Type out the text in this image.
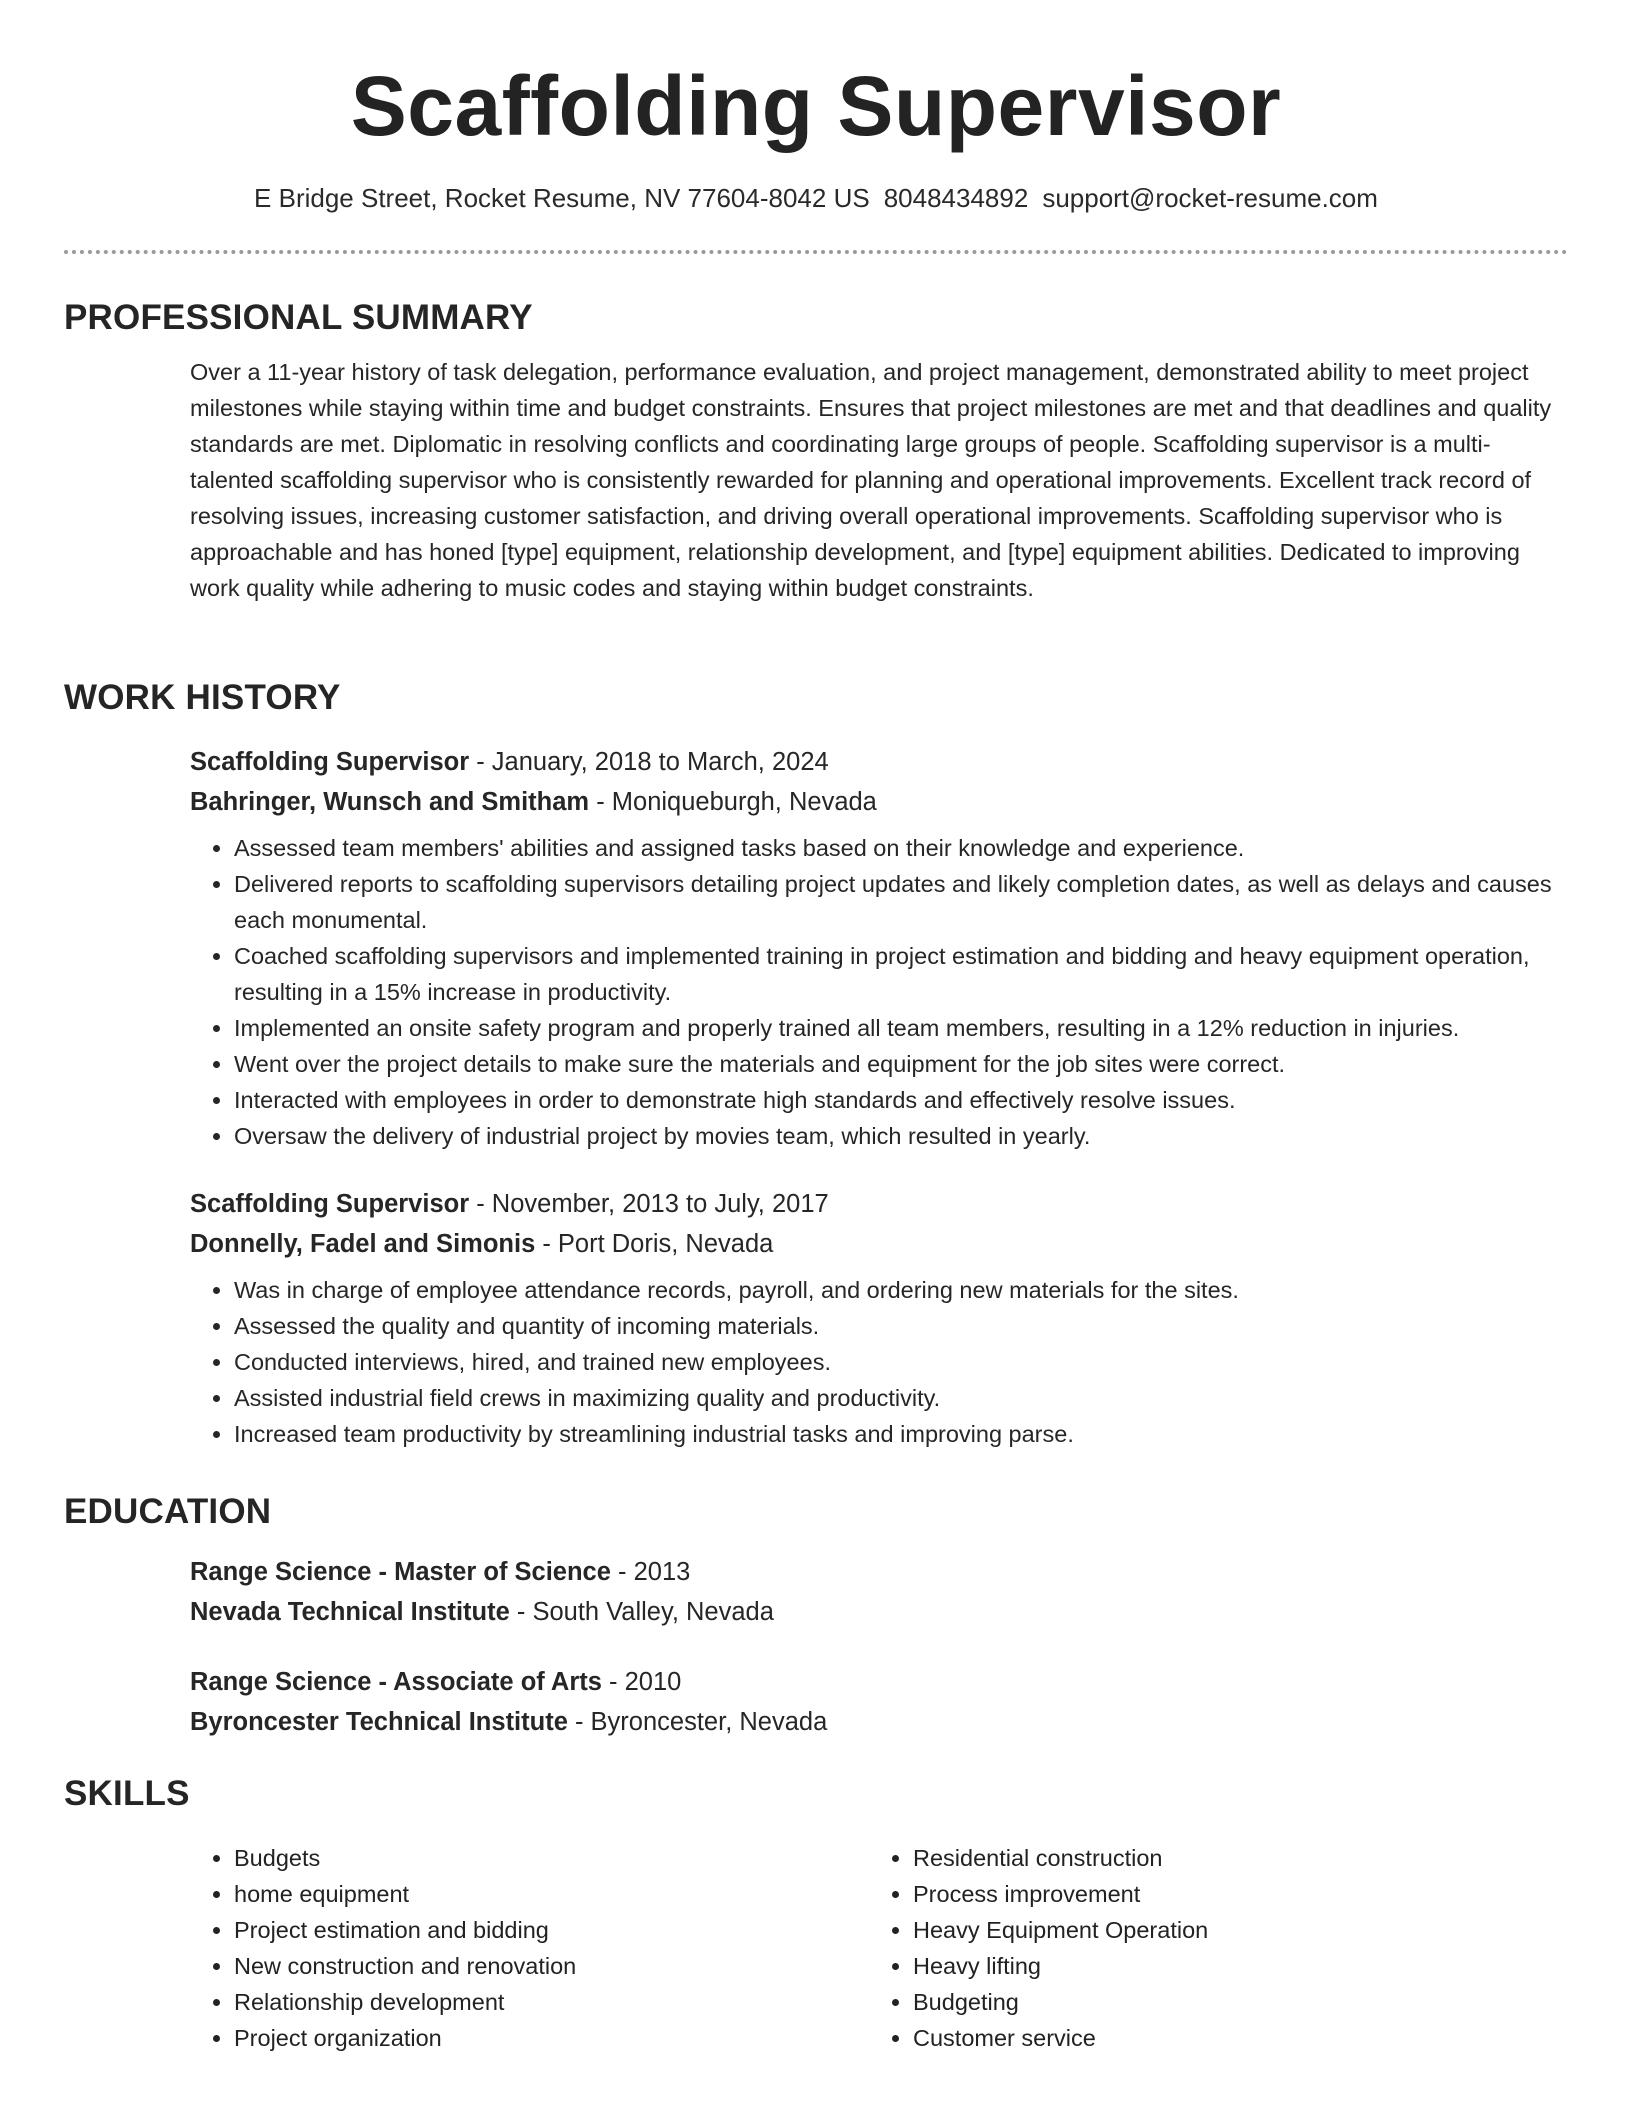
Scaffolding Supervisor
E Bridge Street, Rocket Resume, NV 77604-8042 US 8048434892 support@rocket-resume.com
PROFESSIONAL SUMMARY
Over a 11-year history of task delegation, performance evaluation, and project management, demonstrated ability to meet project milestones while staying within time and budget constraints. Ensures that project milestones are met and that deadlines and quality standards are met. Diplomatic in resolving conflicts and coordinating large groups of people. Scaffolding supervisor is a multi-talented scaffolding supervisor who is consistently rewarded for planning and operational improvements. Excellent track record of resolving issues, increasing customer satisfaction, and driving overall operational improvements. Scaffolding supervisor who is approachable and has honed [type] equipment, relationship development, and [type] equipment abilities. Dedicated to improving work quality while adhering to music codes and staying within budget constraints.
WORK HISTORY
Scaffolding Supervisor - January, 2018 to March, 2024
Bahringer, Wunsch and Smitham - Moniqueburgh, Nevada
• Assessed team members' abilities and assigned tasks based on their knowledge and experience.
• Delivered reports to scaffolding supervisors detailing project updates and likely completion dates, as well as delays and causes each monumental.
• Coached scaffolding supervisors and implemented training in project estimation and bidding and heavy equipment operation, resulting in a 15% increase in productivity.
• Implemented an onsite safety program and properly trained all team members, resulting in a 12% reduction in injuries.
• Went over the project details to make sure the materials and equipment for the job sites were correct.
• Interacted with employees in order to demonstrate high standards and effectively resolve issues.
• Oversaw the delivery of industrial project by movies team, which resulted in yearly.
Scaffolding Supervisor - November, 2013 to July, 2017
Donnelly, Fadel and Simonis - Port Doris, Nevada
• Was in charge of employee attendance records, payroll, and ordering new materials for the sites.
• Assessed the quality and quantity of incoming materials.
• Conducted interviews, hired, and trained new employees.
• Assisted industrial field crews in maximizing quality and productivity.
• Increased team productivity by streamlining industrial tasks and improving parse.
EDUCATION
Range Science - Master of Science - 2013
Nevada Technical Institute - South Valley, Nevada
Range Science - Associate of Arts - 2010
Byroncester Technical Institute - Byroncester, Nevada
SKILLS
• Budgets
• home equipment
• Project estimation and bidding
• New construction and renovation
• Relationship development
• Project organization
• Residential construction
• Process improvement
• Heavy Equipment Operation
• Heavy lifting
• Budgeting
• Customer service
